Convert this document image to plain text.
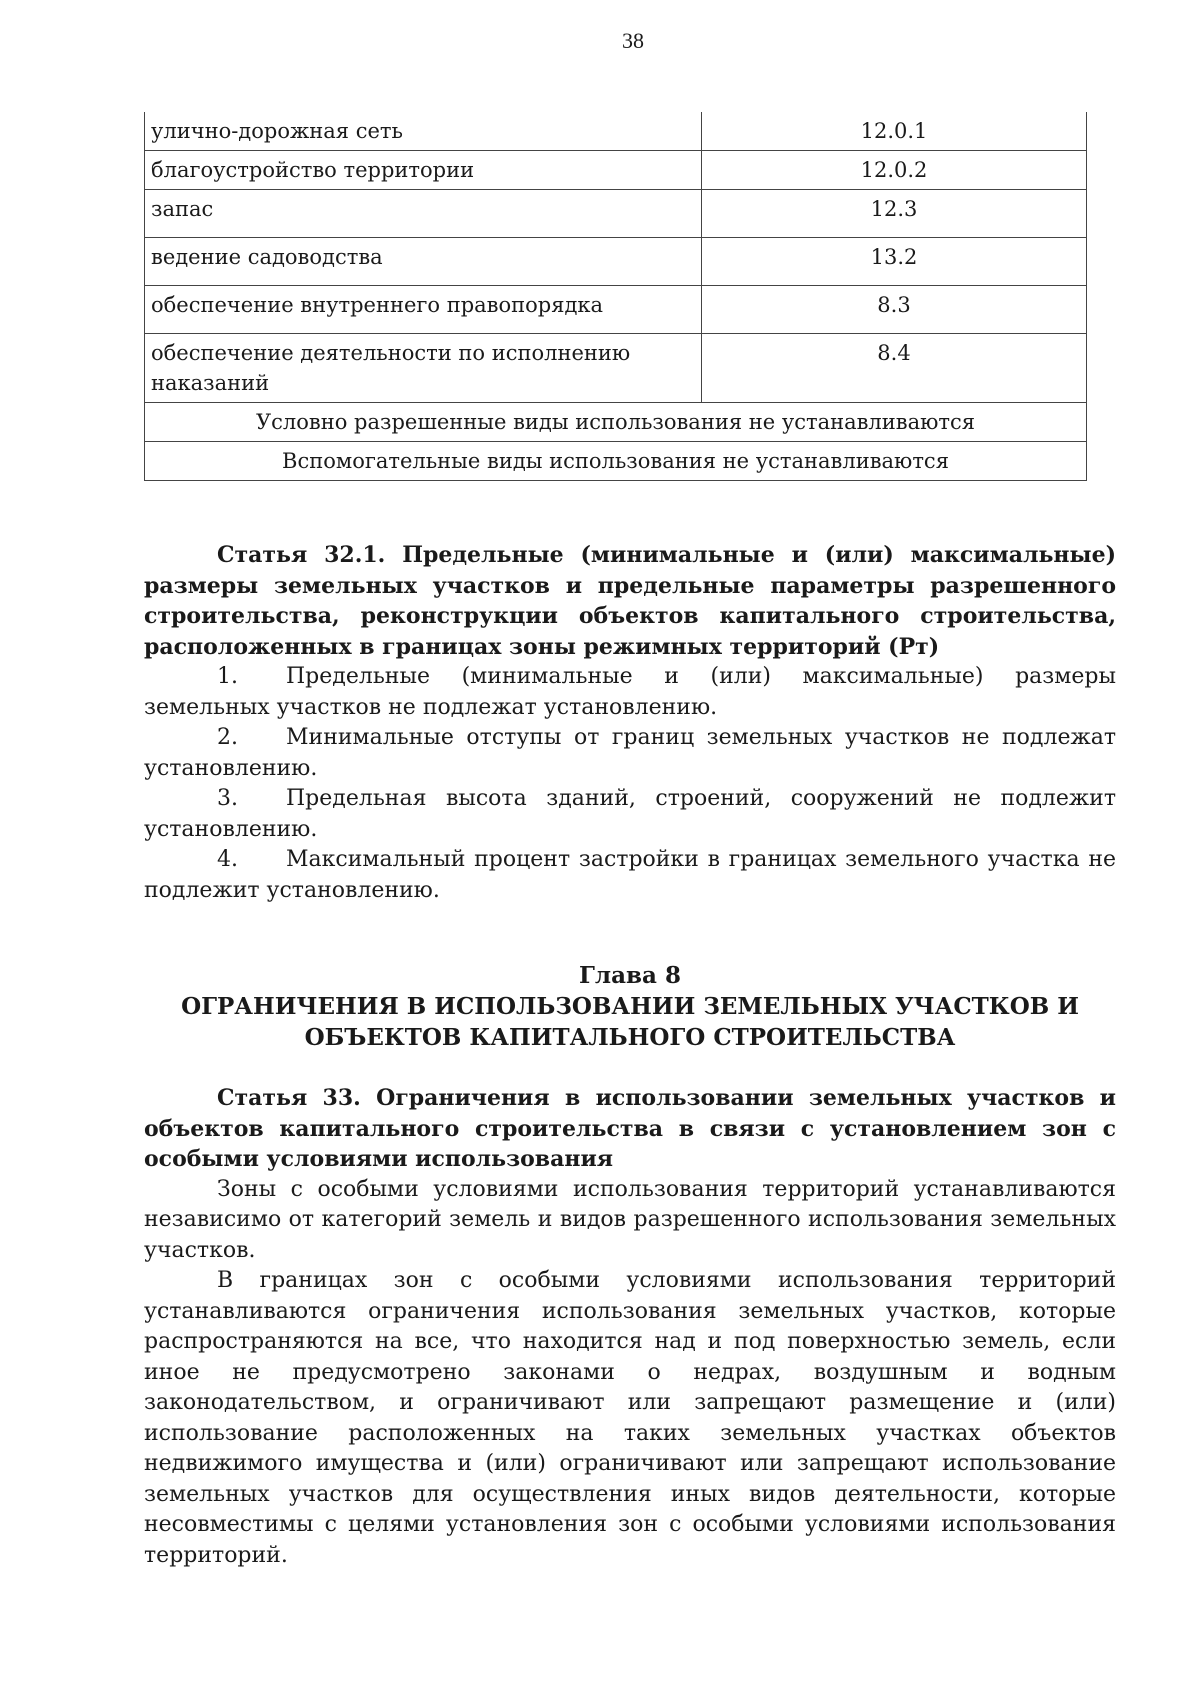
38
улично-дорожная сеть	12.0.1
благоустройство территории	12.0.2
запас	12.3
ведение садоводства	13.2
обеспечение внутреннего правопорядка	8.3
обеспечение деятельности по исполнению наказаний	8.4
Условно разрешенные виды использования не устанавливаются	
Вспомогательные виды использования не устанавливаются	
Статья 32.1. Предельные (минимальные и (или) максимальные) размеры земельных участков и предельные параметры разрешенного строительства, реконструкции объектов капитального строительства, расположенных в границах зоны режимных территорий (Рт)

1. Предельные (минимальные и (или) максимальные) размеры земельных участков не подлежат установлению.

2. Минимальные отступы от границ земельных участков не подлежат установлению.

3. Предельная высота зданий, строений, сооружений не подлежит установлению.

4. Максимальный процент застройки в границах земельного участка не подлежит установлению.

Глава 8
ОГРАНИЧЕНИЯ В ИСПОЛЬЗОВАНИИ ЗЕМЕЛЬНЫХ УЧАСТКОВ И
ОБЪЕКТОВ КАПИТАЛЬНОГО СТРОИТЕЛЬСТВА
Статья 33. Ограничения в использовании земельных участков и объектов капитального строительства в связи с установлением зон с особыми условиями использования

Зоны с особыми условиями использования территорий устанавливаются независимо от категорий земель и видов разрешенного использования земельных участков.

В границах зон с особыми условиями использования территорий устанавливаются ограничения использования земельных участков, которые распространяются на все, что находится над и под поверхностью земель, если иное не предусмотрено законами о недрах, воздушным и водным законодательством, и ограничивают или запрещают размещение и (или) использование расположенных на таких земельных участках объектов недвижимого имущества и (или) ограничивают или запрещают использование земельных участков для осуществления иных видов деятельности, которые несовместимы с целями установления зон с особыми условиями использования территорий.
